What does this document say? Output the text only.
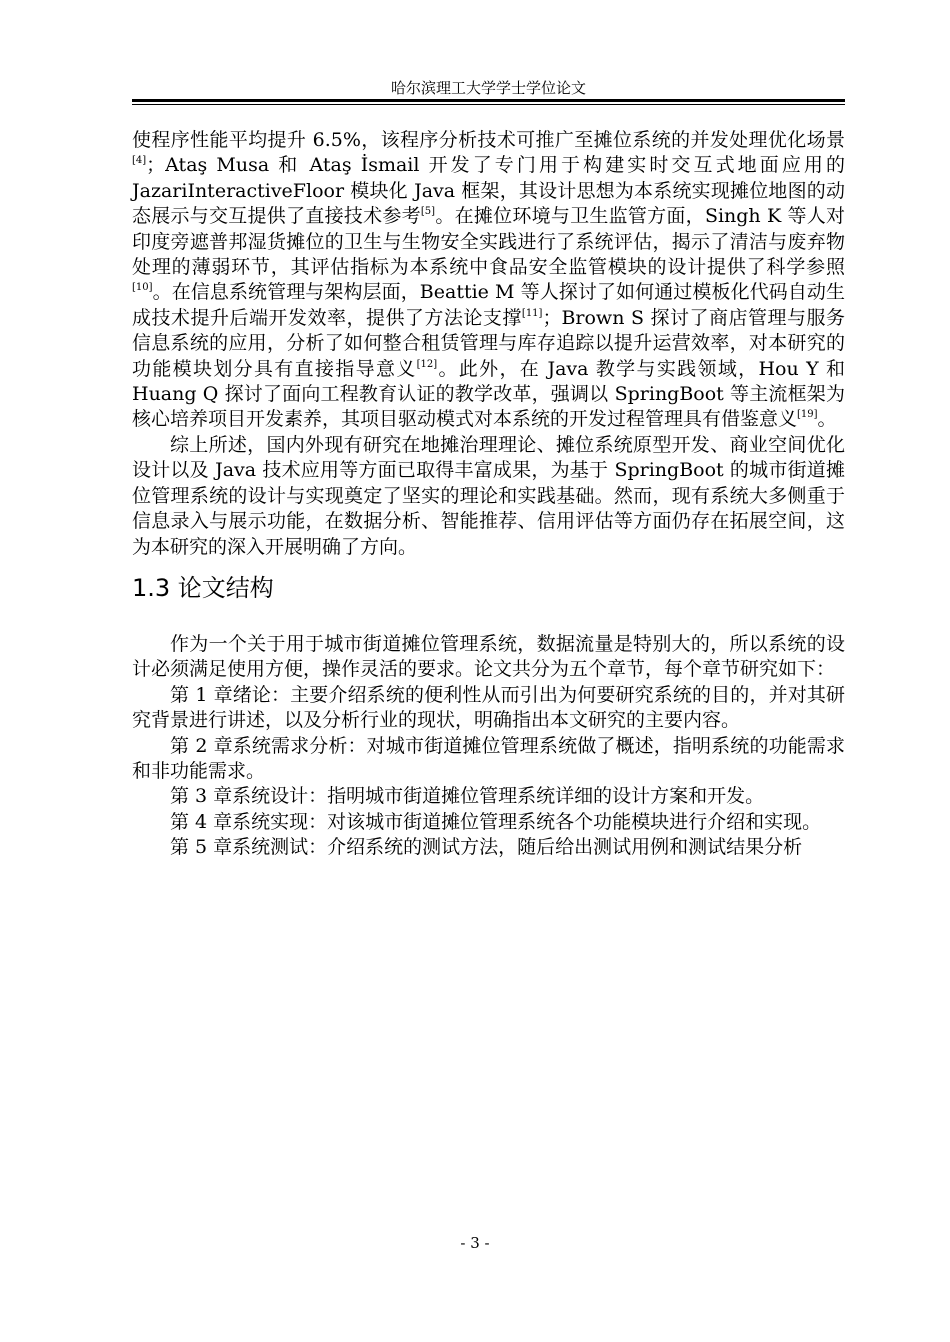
哈尔滨理工大学学士学位论文

使程序性能平均提升 6.5%，该程序分析技术可推广至摊位系统的并发处理优化场景[4]；Ataş Musa 和 Ataş İsmail 开发了专门用于构建实时交互式地面应用的 JazariInteractiveFloor 模块化 Java 框架，其设计思想为本系统实现摊位地图的动态展示与交互提供了直接技术参考[5]。在摊位环境与卫生监管方面，Singh K 等人对印度旁遮普邦湿货摊位的卫生与生物安全实践进行了系统评估，揭示了清洁与废弃物处理的薄弱环节，其评估指标为本系统中食品安全监管模块的设计提供了科学参照[10]。在信息系统管理与架构层面，Beattie M 等人探讨了如何通过模板化代码自动生成技术提升后端开发效率，提供了方法论支撑[11]；Brown S 探讨了商店管理与服务信息系统的应用，分析了如何整合租赁管理与库存追踪以提升运营效率，对本研究的功能模块划分具有直接指导意义[12]。此外，在 Java 教学与实践领域，Hou Y 和 Huang Q 探讨了面向工程教育认证的教学改革，强调以 SpringBoot 等主流框架为核心培养项目开发素养，其项目驱动模式对本系统的开发过程管理具有借鉴意义[19]。

综上所述，国内外现有研究在地摊治理理论、摊位系统原型开发、商业空间优化设计以及 Java 技术应用等方面已取得丰富成果，为基于 SpringBoot 的城市街道摊位管理系统的设计与实现奠定了坚实的理论和实践基础。然而，现有系统大多侧重于信息录入与展示功能，在数据分析、智能推荐、信用评估等方面仍存在拓展空间，这为本研究的深入开展明确了方向。

1.3 论文结构

作为一个关于用于城市街道摊位管理系统，数据流量是特别大的，所以系统的设计必须满足使用方便，操作灵活的要求。论文共分为五个章节，每个章节研究如下：

第 1 章绪论：主要介绍系统的便利性从而引出为何要研究系统的目的，并对其研究背景进行讲述，以及分析行业的现状，明确指出本文研究的主要内容。

第 2 章系统需求分析：对城市街道摊位管理系统做了概述，指明系统的功能需求和非功能需求。

第 3 章系统设计：指明城市街道摊位管理系统详细的设计方案和开发。

第 4 章系统实现：对该城市街道摊位管理系统各个功能模块进行介绍和实现。

第 5 章系统测试：介绍系统的测试方法，随后给出测试用例和测试结果分析

- 3 -
